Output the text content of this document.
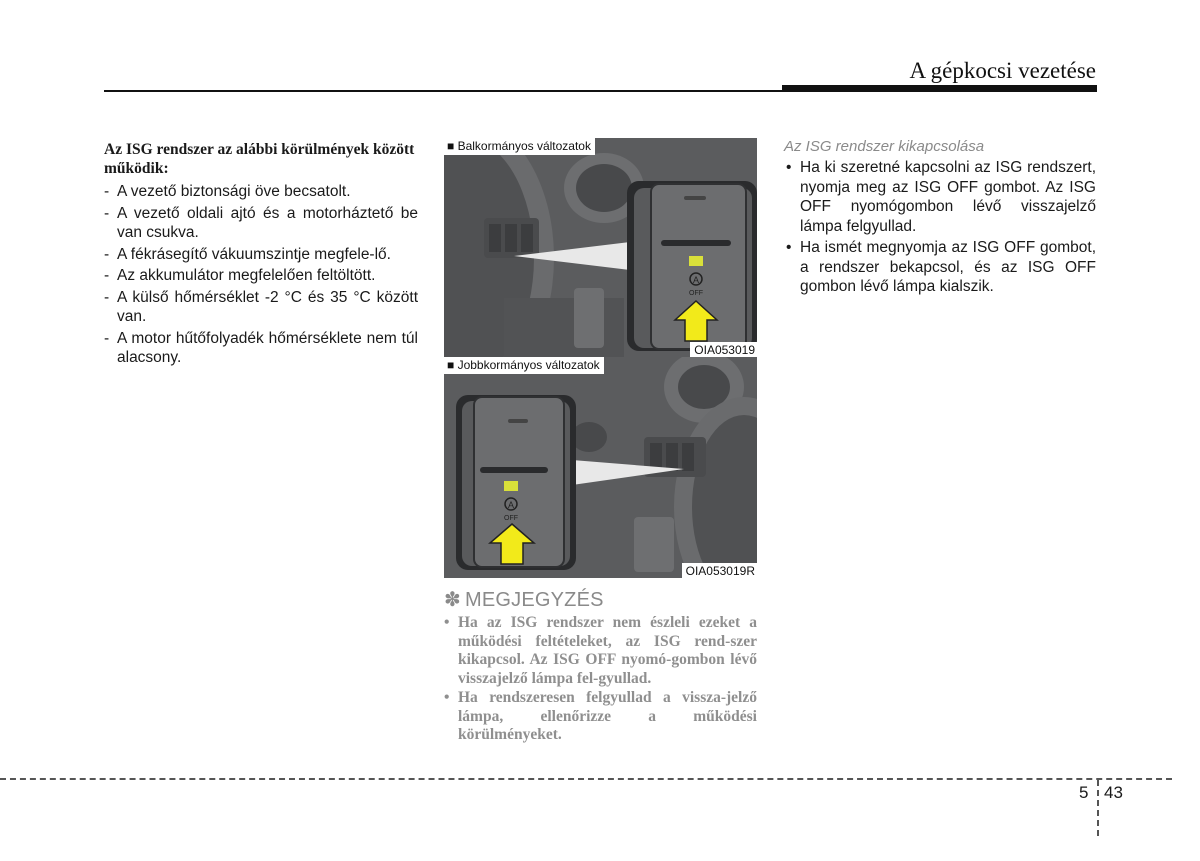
A gépkocsi vezetése

Az ISG rendszer az alábbi körülmények között működik:

- A vezető biztonsági öve becsatolt.
- A vezető oldali ajtó és a motorháztető be van csukva.
- A fékrásegítő vákuumszintje megfele-lő.
- Az akkumulátor megfelelően feltöltött.
- A külső hőmérséklet -2 °C és 35 °C között van.
- A motor hűtőfolyadék hőmérséklete nem túl alacsony.
A
OFF
■ Balkormányos változatok
OIA053019
A
OFF
■ Jobbkormányos változatok
OIA053019R

✽ MEGJEGYZÉS

• Ha az ISG rendszer nem észleli ezeket a működési feltételeket, az ISG rend-szer kikapcsol. Az ISG OFF nyomó-gombon lévő visszajelző lámpa fel-gyullad.
• Ha rendszeresen felgyullad a vissza-jelző lámpa, ellenőrizze a működési körülményeket.

Az ISG rendszer kikapcsolása

• Ha ki szeretné kapcsolni az ISG rendszert, nyomja meg az ISG OFF gombot. Az ISG OFF nyomógombon lévő visszajelző lámpa felgyullad.
• Ha ismét megnyomja az ISG OFF gombot, a rendszer bekapcsol, és az ISG OFF gombon lévő lámpa kialszik.
5 43
